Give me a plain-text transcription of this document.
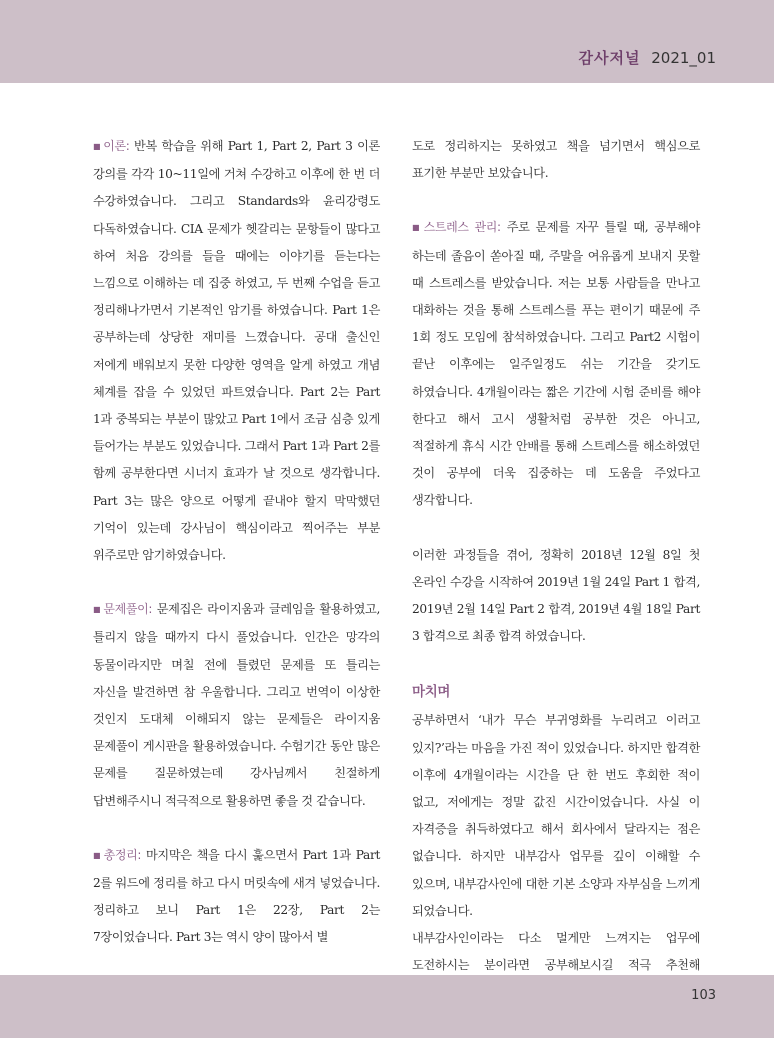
감사저널 2021_01

■ 이론: 반복 학습을 위해 Part 1, Part 2, Part 3 이론 강의를 각각 10~11일에 거쳐 수강하고 이후에 한 번 더 수강하였습니다. 그리고 Standards와 윤리강령도 다독하였습니다. CIA 문제가 헷갈리는 문항들이 많다고 하여 처음 강의를 들을 때에는 이야기를 듣는다는 느낌으로 이해하는 데 집중 하였고, 두 번째 수업을 듣고 정리해나가면서 기본적인 암기를 하였습니다. Part 1은 공부하는데 상당한 재미를 느꼈습니다. 공대 출신인 저에게 배워보지 못한 다양한 영역을 알게 하였고 개념 체계를 잡을 수 있었던 파트였습니다. Part 2는 Part 1과 중복되는 부분이 많았고 Part 1에서 조금 심층 있게 들어가는 부분도 있었습니다. 그래서 Part 1과 Part 2를 함께 공부한다면 시너지 효과가 날 것으로 생각합니다. Part 3는 많은 양으로 어떻게 끝내야 할지 막막했던 기억이 있는데 강사님이 핵심이라고 찍어주는 부분 위주로만 암기하였습니다.

■ 문제풀이: 문제집은 라이지움과 글레임을 활용하였고, 틀리지 않을 때까지 다시 풀었습니다. 인간은 망각의 동물이라지만 며칠 전에 틀렸던 문제를 또 틀리는 자신을 발견하면 참 우울합니다. 그리고 번역이 이상한 것인지 도대체 이해되지 않는 문제들은 라이지움 문제풀이 게시판을 활용하였습니다. 수험기간 동안 많은 문제를 질문하였는데 강사님께서 친절하게 답변해주시니 적극적으로 활용하면 좋을 것 같습니다.

■ 총정리: 마지막은 책을 다시 훑으면서 Part 1과 Part 2를 워드에 정리를 하고 다시 머릿속에 새겨 넣었습니다. 정리하고 보니 Part 1은 22장, Part 2는 7장이었습니다. Part 3는 역시 양이 많아서 별

도로 정리하지는 못하였고 책을 넘기면서 핵심으로 표기한 부분만 보았습니다.

■ 스트레스 관리: 주로 문제를 자꾸 틀릴 때, 공부해야 하는데 졸음이 쏟아질 때, 주말을 여유롭게 보내지 못할 때 스트레스를 받았습니다. 저는 보통 사람들을 만나고 대화하는 것을 통해 스트레스를 푸는 편이기 때문에 주 1회 정도 모임에 참석하였습니다. 그리고 Part2 시험이 끝난 이후에는 일주일정도 쉬는 기간을 갖기도 하였습니다. 4개월이라는 짧은 기간에 시험 준비를 해야 한다고 해서 고시 생활처럼 공부한 것은 아니고, 적절하게 휴식 시간 안배를 통해 스트레스를 해소하였던 것이 공부에 더욱 집중하는 데 도움을 주었다고 생각합니다.

이러한 과정들을 겪어, 정확히 2018년 12월 8일 첫 온라인 수강을 시작하여 2019년 1월 24일 Part 1 합격, 2019년 2월 14일 Part 2 합격, 2019년 4월 18일 Part 3 합격으로 최종 합격 하였습니다.

마치며

공부하면서 ‘내가 무슨 부귀영화를 누리려고 이러고 있지?’라는 마음을 가진 적이 있었습니다. 하지만 합격한 이후에 4개월이라는 시간을 단 한 번도 후회한 적이 없고, 저에게는 정말 값진 시간이었습니다. 사실 이 자격증을 취득하였다고 해서 회사에서 달라지는 점은 없습니다. 하지만 내부감사 업무를 깊이 이해할 수 있으며, 내부감사인에 대한 기본 소양과 자부심을 느끼게 되었습니다.

내부감사인이라는 다소 멀게만 느껴지는 업무에 도전하시는 분이라면 공부해보시길 적극 추천해

103
